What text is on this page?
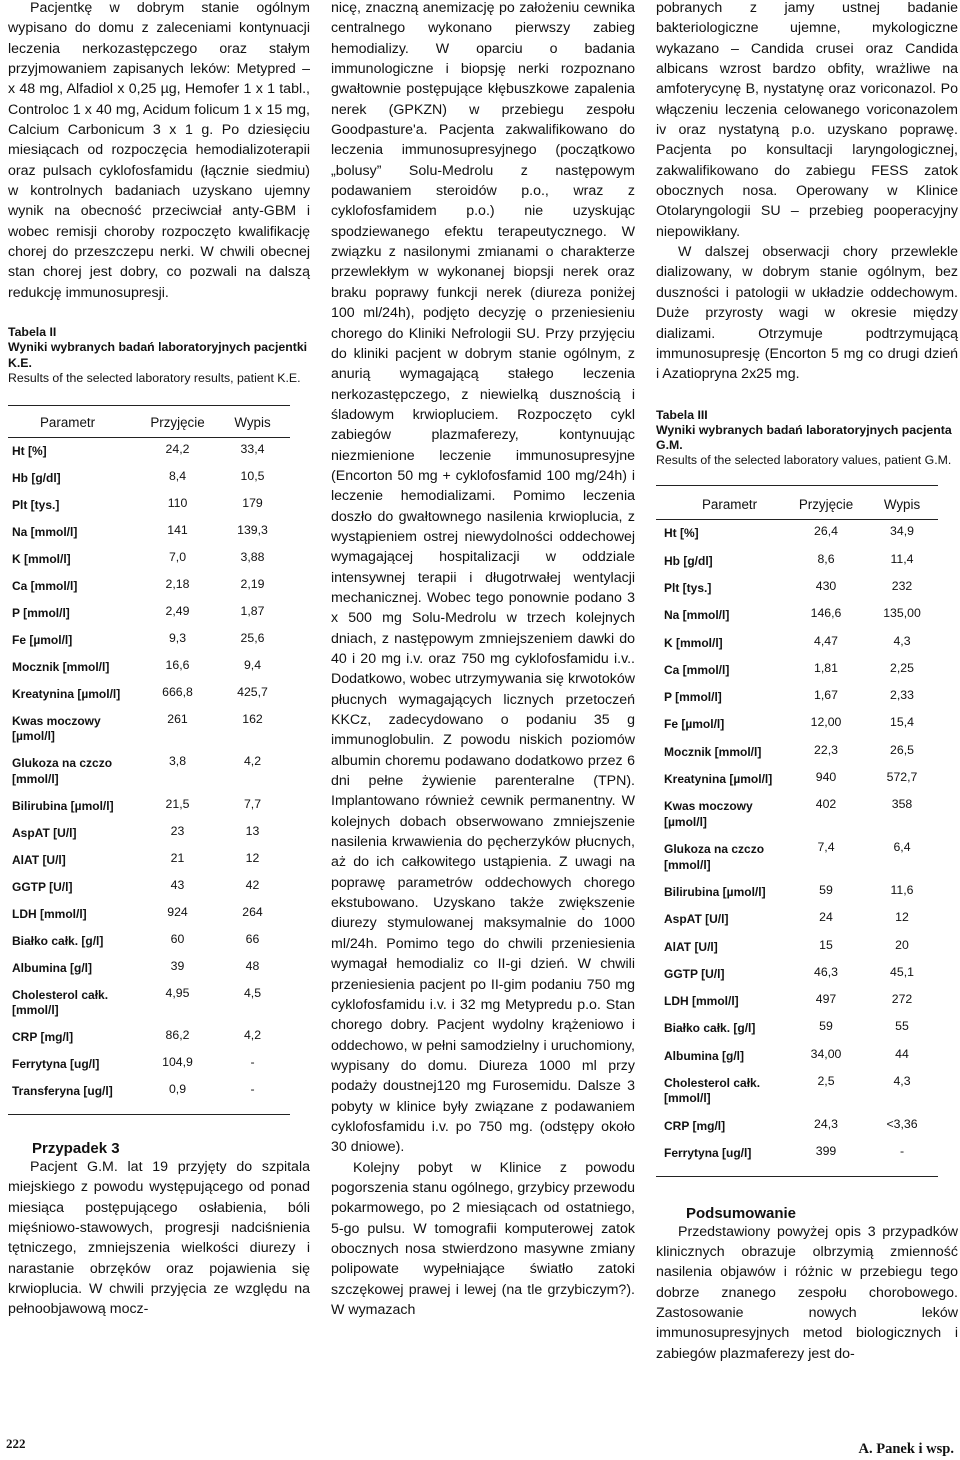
Pacjentkę w dobrym stanie ogólnym wypisano do domu z zaleceniami kontynuacji leczenia nerkozastępczego oraz stałym przyjmowaniem zapisanych leków: Metypred – x 48 mg, Alfadiol x 0,25 µg, Hemofer 1 x 1 tabl., Controloc 1 x 40 mg, Acidum folicum 1 x 15 mg, Calcium Carbonicum 3 x 1 g. Po dziesięciu miesiącach od rozpoczęcia hemodializoterapii oraz pulsach cyklofosfamidu (łącznie siedmiu) w kontrolnych badaniach uzyskano ujemny wynik na obecność przeciwciał anty-GBM i wobec remisji choroby rozpoczęto kwalifikację chorej do przeszczepu nerki. W chwili obecnej stan chorej jest dobry, co pozwali na dalszą redukcję immunosupresji.

Tabela II
Wyniki wybranych badań laboratoryjnych pacjentki K.E.
Results of the selected laboratory results, patient K.E.
Parametr	Przyjęcie	Wypis
Ht [%]	24,2	33,4
Hb [g/dl]	8,4	10,5
Plt [tys.]	110	179
Na [mmol/l]	141	139,3
K [mmol/l]	7,0	3,88
Ca [mmol/l]	2,18	2,19
P [mmol/l]	2,49	1,87
Fe [µmol/l]	9,3	25,6
Mocznik [mmol/l]	16,6	9,4
Kreatynina [µmol/l]	666,8	425,7
Kwas moczowy [µmol/l]	261	162
Glukoza na czczo [mmol/l]	3,8	4,2
Bilirubina [µmol/l]	21,5	7,7
AspAT [U/l]	23	13
AlAT [U/l]	21	12
GGTP [U/l]	43	42
LDH [mmol/l]	924	264
Białko całk. [g/l]	60	66
Albumina [g/l]	39	48
Cholesterol całk. [mmol/l]	4,95	4,5
CRP [mg/l]	86,2	4,2
Ferrytyna [ug/l]	104,9	-
Transferyna [ug/l]	0,9	-
Przypadek 3

Pacjent G.M. lat 19 przyjęty do szpitala miejskiego z powodu występującego od ponad miesiąca postępującego osłabienia, bóli mięśniowo-stawowych, progresji nadciśnienia tętniczego, zmniejszenia wielkości diurezy i narastanie obrzęków oraz pojawienia się krwioplucia. W chwili przyjęcia ze względu na pełnoobjawową mocz-

nicę, znaczną anemizację po założeniu cewnika centralnego wykonano pierwszy zabieg hemodializy. W oparciu o badania immunologiczne i biopsję nerki rozpoznano gwałtownie postępujące kłębuszkowe zapalenia nerek (GPKZN) w przebiegu zespołu Goodpasture'a. Pacjenta zakwalifikowano do leczenia immunosupresyjnego (początkowo „bolusy” Solu-Medrolu z następowym podawaniem steroidów p.o., wraz z cyklofosfamidem p.o.) nie uzyskując spodziewanego efektu terapeutycznego. W związku z nasilonymi zmianami o charakterze przewlekłym w wykonanej biopsji nerek oraz braku poprawy funkcji nerek (diureza poniżej 100 ml/24h), podjęto decyzję o przeniesieniu chorego do Kliniki Nefrologii SU. Przy przyjęciu do kliniki pacjent w dobrym stanie ogólnym, z anurią wymagającą stałego leczenia nerkozastępczego, z niewielką dusznością i śladowym krwiopluciem. Rozpoczęto cykl zabiegów plazmaferezy, kontynuując niezmienione leczenie immunosupresyjne (Encorton 50 mg + cyklofosfamid 100 mg/24h) i leczenie hemodializami. Pomimo leczenia doszło do gwałtownego nasilenia krwioplucia, z wystąpieniem ostrej niewydolności oddechowej wymagającej hospitalizacji w oddziale intensywnej terapii i długotrwałej wentylacji mechanicznej. Wobec tego ponownie podano 3 x 500 mg Solu-Medrolu w trzech kolejnych dniach, z następowym zmniejszeniem dawki do 40 i 20 mg i.v. oraz 750 mg cyklofosfamidu i.v.. Dodatkowo, wobec utrzymywania się krwotoków płucnych wymagających licznych przetoczeń KKCz, zadecydowano o podaniu 35 g immunoglobulin. Z powodu niskich poziomów albumin choremu podawano dodatkowo przez 6 dni pełne żywienie parenteralne (TPN). Implantowano również cewnik permanentny. W kolejnych dobach obserwowano zmniejszenie nasilenia krwawienia do pęcherzyków płucnych, aż do ich całkowitego ustąpienia. Z uwagi na poprawę parametrów oddechowych chorego ekstubowano. Uzyskano także zwiększenie diurezy stymulowanej maksymalnie do 1000 ml/24h. Pomimo tego do chwili przeniesienia wymagał hemodializ co II-gi dzień. W chwili przeniesienia pacjent po II-gim podaniu 750 mg cyklofosfamidu i.v. i 32 mg Metypredu p.o. Stan chorego dobry. Pacjent wydolny krążeniowo i oddechowo, w pełni samodzielny i uruchomiony, wypisany do domu. Diureza 1000 ml przy podaży doustnej120 mg Furosemidu. Dalsze 3 pobyty w klinice były związane z podawaniem cyklofosfamidu i.v. po 750 mg. (odstępy około 30 dniowe).

Kolejny pobyt w Klinice z powodu pogorszenia stanu ogólnego, grzybicy przewodu pokarmowego, po 2 miesiącach od ostatniego, 5-go pulsu. W tomografii komputerowej zatok obocznych nosa stwierdzono masywne zmiany polipowate wypełniające światło zatoki szczękowej prawej i lewej (na tle grzybiczym?). W wymazach

pobranych z jamy ustnej badanie bakteriologiczne ujemne, mykologiczne wykazano – Candida crusei oraz Candida albicans wzrost bardzo obfity, wrażliwe na amfoterycynę B, nystatynę oraz voriconazol. Po włączeniu leczenia celowanego voriconazolem iv oraz nystatyną p.o. uzyskano poprawę. Pacjenta po konsultacji laryngologicznej, zakwalifikowano do zabiegu FESS zatok obocznych nosa. Operowany w Klinice Otolaryngologii SU – przebieg pooperacyjny niepowikłany.

W dalszej obserwacji chory przewlekle dializowany, w dobrym stanie ogólnym, bez duszności i patologii w układzie oddechowym. Duże przyrosty wagi w okresie między dializami. Otrzymuje podtrzymującą immunosupresję (Encorton 5 mg co drugi dzień i Azatiopryna 2x25 mg.

Tabela III
Wyniki wybranych badań laboratoryjnych pacjenta G.M.
Results of the selected laboratory values, patient G.M.
Parametr	Przyjęcie	Wypis
Ht [%]	26,4	34,9
Hb [g/dl]	8,6	11,4
Plt [tys.]	430	232
Na [mmol/l]	146,6	135,00
K [mmol/l]	4,47	4,3
Ca [mmol/l]	1,81	2,25
P [mmol/l]	1,67	2,33
Fe [µmol/l]	12,00	15,4
Mocznik [mmol/l]	22,3	26,5
Kreatynina [µmol/l]	940	572,7
Kwas moczowy [µmol/l]	402	358
Glukoza na czczo [mmol/l]	7,4	6,4
Bilirubina [µmol/l]	59	11,6
AspAT [U/l]	24	12
AlAT [U/l]	15	20
GGTP [U/l]	46,3	45,1
LDH [mmol/l]	497	272
Białko całk. [g/l]	59	55
Albumina [g/l]	34,00	44
Cholesterol całk. [mmol/l]	2,5	4,3
CRP [mg/l]	24,3	<3,36
Ferrytyna [ug/l]	399	-
Podsumowanie

Przedstawiony powyżej opis 3 przypadków klinicznych obrazuje olbrzymią zmienność nasilenia objawów i różnic w przebiegu tego dobrze znanego zespołu chorobowego. Zastosowanie nowych leków immunosupresyjnych metod biologicznych i zabiegów plazmaferezy jest do-

222	A. Panek i wsp.
